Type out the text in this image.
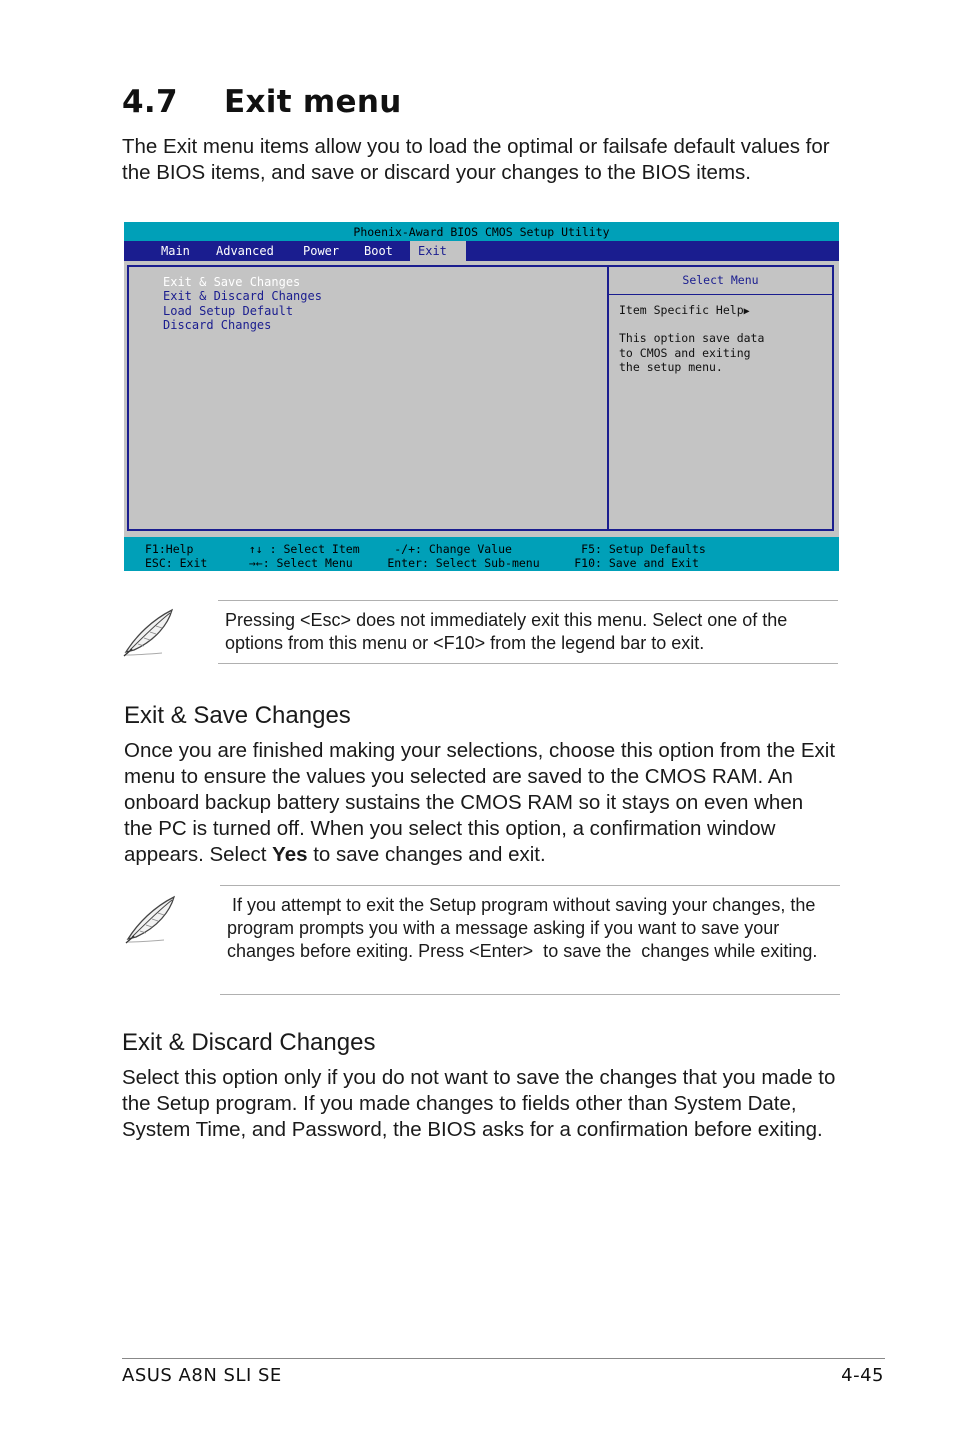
4.7 Exit menu

The Exit menu items allow you to load the optimal or failsafe default values for the BIOS items, and save or discard your changes to the BIOS items.

Phoenix-Award BIOS CMOS Setup Utility
Main Advanced Power Boot	Exit
Exit & Save Changes
Exit & Discard Changes
Load Setup Default
Discard Changes
Select Menu
Item Specific Help▶
This option save data
to CMOS and exiting
the setup menu.
F1:Help        ↑↓ : Select Item     -/+: Change Value          F5: Setup Defaults
ESC: Exit      →←: Select Menu     Enter: Select Sub-menu     F10: Save and Exit
Pressing <Esc> does not immediately exit this menu. Select one of the options from this menu or <F10> from the legend bar to exit.
Exit & Save Changes

Once you are finished making your selections, choose this option from the Exit menu to ensure the values you selected are saved to the CMOS RAM. An onboard backup battery sustains the CMOS RAM so it stays on even when the PC is turned off. When you select this option, a confirmation window appears. Select Yes to save changes and exit.

If you attempt to exit the Setup program without saving your changes, the program prompts you with a message asking if you want to save your changes before exiting. Press <Enter>  to save the  changes while exiting.
Exit & Discard Changes

Select this option only if you do not want to save the changes that you made to the Setup program. If you made changes to fields other than System Date, System Time, and Password, the BIOS asks for a confirmation before exiting.

ASUS A8N SLI SE	4-45
